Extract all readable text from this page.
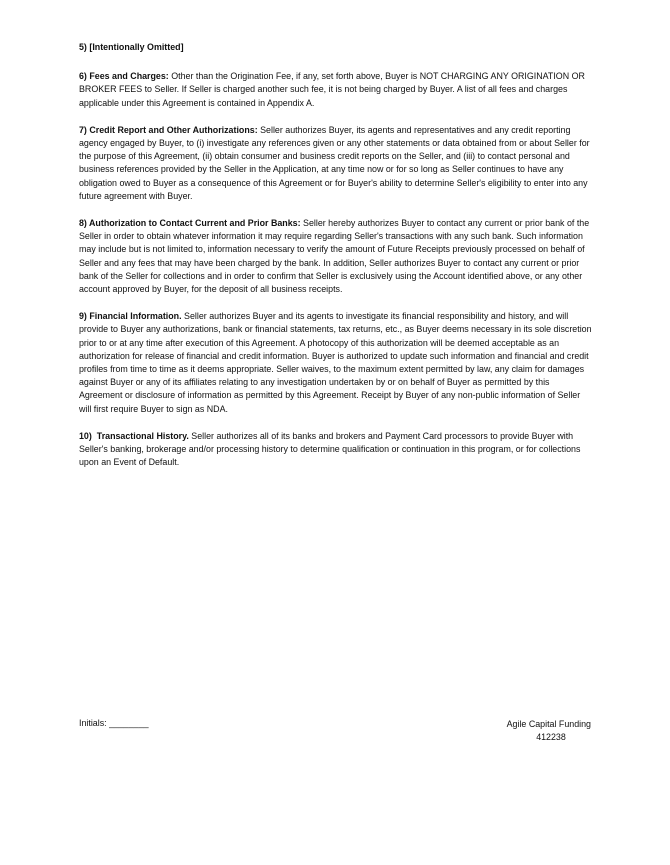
5) [Intentionally Omitted]

6) Fees and Charges: Other than the Origination Fee, if any, set forth above, Buyer is NOT CHARGING ANY ORIGINATION OR BROKER FEES to Seller. If Seller is charged another such fee, it is not being charged by Buyer. A list of all fees and charges applicable under this Agreement is contained in Appendix A.

7) Credit Report and Other Authorizations: Seller authorizes Buyer, its agents and representatives and any credit reporting agency engaged by Buyer, to (i) investigate any references given or any other statements or data obtained from or about Seller for the purpose of this Agreement, (ii) obtain consumer and business credit reports on the Seller, and (iii) to contact personal and business references provided by the Seller in the Application, at any time now or for so long as Seller continues to have any obligation owed to Buyer as a consequence of this Agreement or for Buyer's ability to determine Seller's eligibility to enter into any future agreement with Buyer.

8) Authorization to Contact Current and Prior Banks: Seller hereby authorizes Buyer to contact any current or prior bank of the Seller in order to obtain whatever information it may require regarding Seller's transactions with any such bank. Such information may include but is not limited to, information necessary to verify the amount of Future Receipts previously processed on behalf of Seller and any fees that may have been charged by the bank. In addition, Seller authorizes Buyer to contact any current or prior bank of the Seller for collections and in order to confirm that Seller is exclusively using the Account identified above, or any other account approved by Buyer, for the deposit of all business receipts.

9) Financial Information. Seller authorizes Buyer and its agents to investigate its financial responsibility and history, and will provide to Buyer any authorizations, bank or financial statements, tax returns, etc., as Buyer deems necessary in its sole discretion prior to or at any time after execution of this Agreement. A photocopy of this authorization will be deemed acceptable as an authorization for release of financial and credit information. Buyer is authorized to update such information and financial and credit profiles from time to time as it deems appropriate. Seller waives, to the maximum extent permitted by law, any claim for damages against Buyer or any of its affiliates relating to any investigation undertaken by or on behalf of Buyer as permitted by this Agreement or disclosure of information as permitted by this Agreement. Receipt by Buyer of any non-public information of Seller will first require Buyer to sign as NDA.

10)  Transactional History. Seller authorizes all of its banks and brokers and Payment Card processors to provide Buyer with Seller's banking, brokerage and/or processing history to determine qualification or continuation in this program, or for collections upon an Event of Default.

Initials: ________	Agile Capital Funding
412238
